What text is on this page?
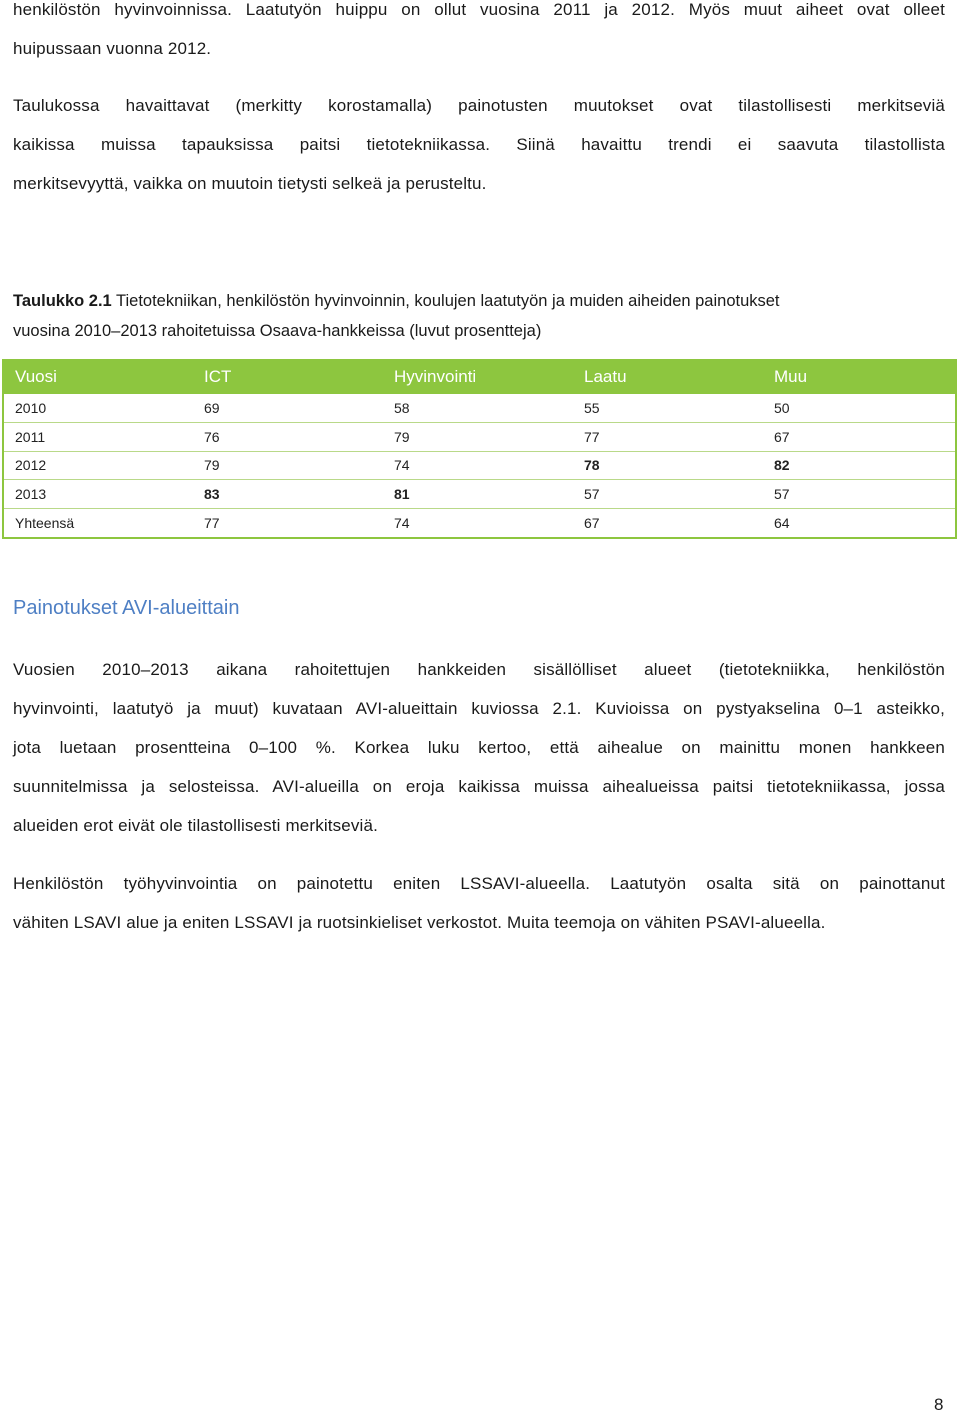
henkilöstön hyvinvoinnissa. Laatutyön huippu on ollut vuosina 2011 ja 2012. Myös muut aiheet ovat olleet
huipussaan vuonna 2012.
Taulukossa havaittavat (merkitty korostamalla) painotusten muutokset ovat tilastollisesti merkitseviä
kaikissa muissa tapauksissa paitsi tietotekniikassa. Siinä havaittu trendi ei saavuta tilastollista
merkitsevyyttä, vaikka on muutoin tietysti selkeä ja perusteltu.
Taulukko 2.1 Tietotekniikan, henkilöstön hyvinvoinnin, koulujen laatutyön ja muiden aiheiden painotukset
vuosina 2010–2013 rahoitetuissa Osaava-hankkeissa (luvut prosentteja)
Vuosi	ICT	Hyvinvointi	Laatu	Muu
2010	69	58	55	50
2011	76	79	77	67
2012	79	74	78	82
2013	83	81	57	57
Yhteensä	77	74	67	64
Painotukset AVI-alueittain
Vuosien 2010–2013 aikana rahoitettujen hankkeiden sisällölliset alueet (tietotekniikka, henkilöstön
hyvinvointi, laatutyö ja muut) kuvataan AVI-alueittain kuviossa 2.1. Kuvioissa on pystyakselina 0–1 asteikko,
jota luetaan prosentteina 0–100 %. Korkea luku kertoo, että aihealue on mainittu monen hankkeen
suunnitelmissa ja selosteissa. AVI-alueilla on eroja kaikissa muissa aihealueissa paitsi tietotekniikassa, jossa
alueiden erot eivät ole tilastollisesti merkitseviä.
Henkilöstön työhyvinvointia on painotettu eniten LSSAVI-alueella. Laatutyön osalta sitä on painottanut
vähiten LSAVI alue ja eniten LSSAVI ja ruotsinkieliset verkostot. Muita teemoja on vähiten PSAVI-alueella.
8
